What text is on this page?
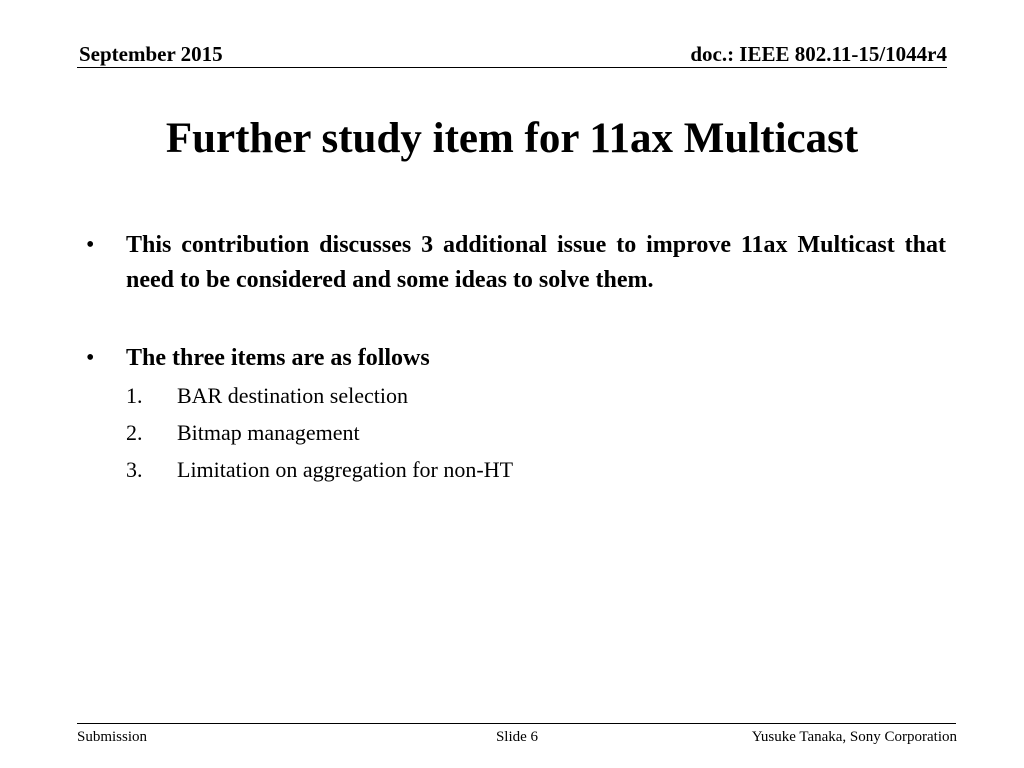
September 2015	doc.: IEEE 802.11-15/1044r4
Further study item for 11ax Multicast
• This contribution discusses 3 additional issue to improve 11ax Multicast that need to be considered and some ideas to solve them.
• The three items are as follows
1. BAR destination selection
2. Bitmap management
3. Limitation on aggregation for non-HT
Submission	Slide 6	Yusuke Tanaka, Sony Corporation
